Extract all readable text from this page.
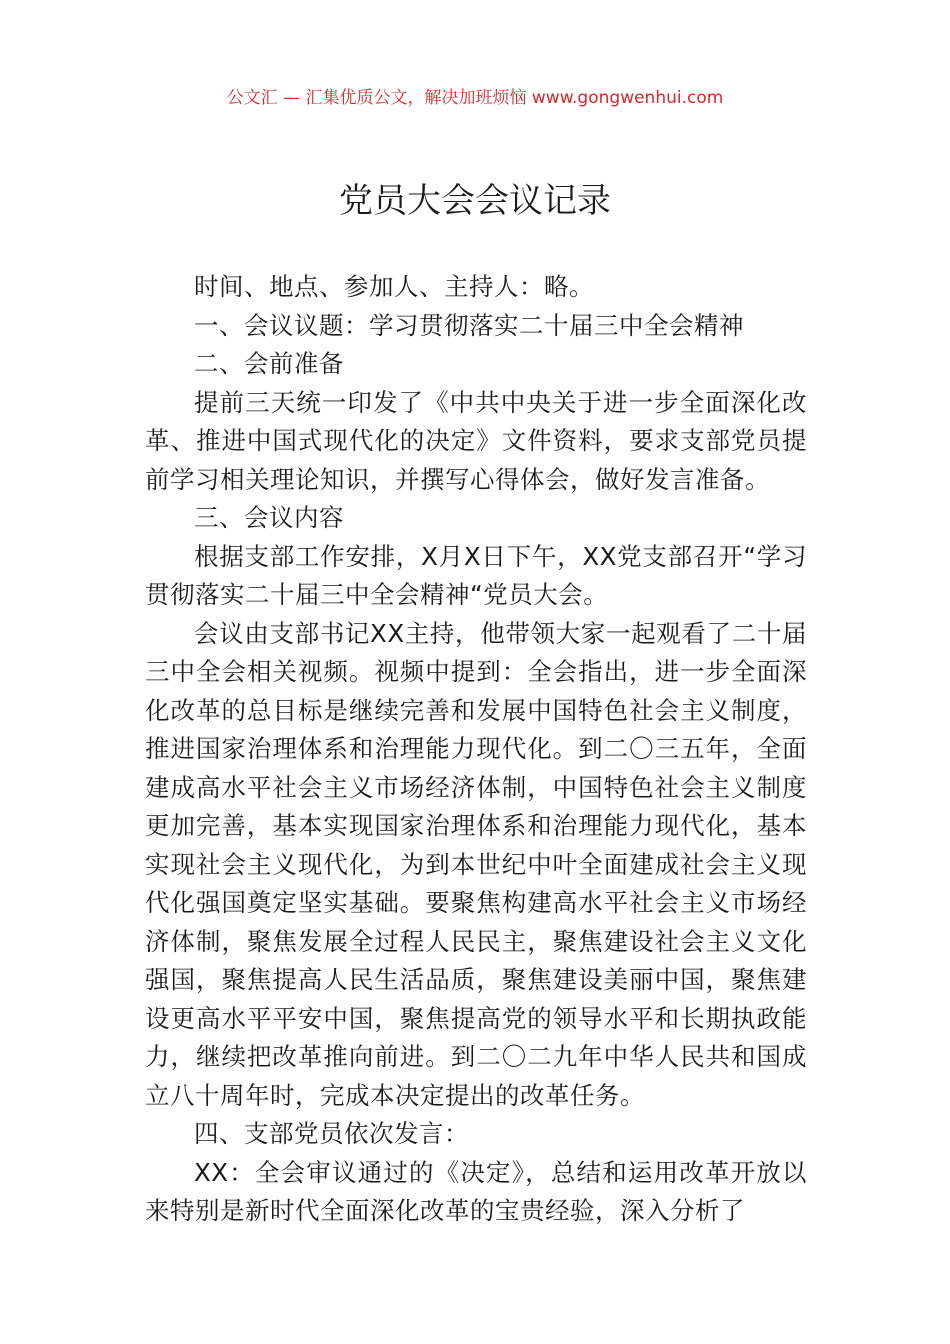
公文汇 — 汇集优质公文，解决加班烦恼 www.gongwenhui.com
党员大会会议记录

时间、地点、参加人、主持人：略。

一、会议议题：学习贯彻落实二十届三中全会精神

二、会前准备

提前三天统一印发了《中共中央关于进一步全面深化改革、推进中国式现代化的决定》文件资料，要求支部党员提前学习相关理论知识，并撰写心得体会，做好发言准备。

三、会议内容

根据支部工作安排，X月X日下午，XX党支部召开“学习贯彻落实二十届三中全会精神“党员大会。

会议由支部书记XX主持，他带领大家一起观看了二十届三中全会相关视频。视频中提到：全会指出，进一步全面深化改革的总目标是继续完善和发展中国特色社会主义制度，推进国家治理体系和治理能力现代化。到二〇三五年，全面建成高水平社会主义市场经济体制，中国特色社会主义制度更加完善，基本实现国家治理体系和治理能力现代化，基本实现社会主义现代化，为到本世纪中叶全面建成社会主义现代化强国奠定坚实基础。要聚焦构建高水平社会主义市场经济体制，聚焦发展全过程人民民主，聚焦建设社会主义文化强国，聚焦提高人民生活品质，聚焦建设美丽中国，聚焦建设更高水平平安中国，聚焦提高党的领导水平和长期执政能力，继续把改革推向前进。到二〇二九年中华人民共和国成立八十周年时，完成本决定提出的改革任务。

四、支部党员依次发言：

XX：全会审议通过的《决定》，总结和运用改革开放以来特别是新时代全面深化改革的宝贵经验，深入分析了
